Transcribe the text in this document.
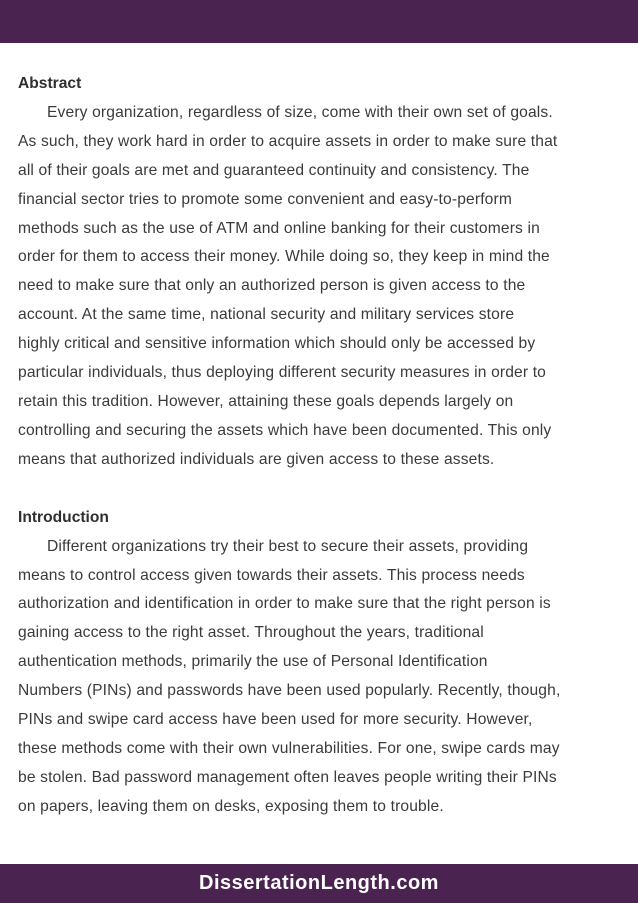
Abstract
Every organization, regardless of size, come with their own set of goals.
As such, they work hard in order to acquire assets in order to make sure that
all of their goals are met and guaranteed continuity and consistency. The
financial sector tries to promote some convenient and easy-to-perform
methods such as the use of ATM and online banking for their customers in
order for them to access their money. While doing so, they keep in mind the
need to make sure that only an authorized person is given access to the
account. At the same time, national security and military services store
highly critical and sensitive information which should only be accessed by
particular individuals, thus deploying different security measures in order to
retain this tradition. However, attaining these goals depends largely on
controlling and securing the assets which have been documented. This only
means that authorized individuals are given access to these assets.
Introduction
Different organizations try their best to secure their assets, providing
means to control access given towards their assets. This process needs
authorization and identification in order to make sure that the right person is
gaining access to the right asset. Throughout the years, traditional
authentication methods, primarily the use of Personal Identification
Numbers (PINs) and passwords have been used popularly. Recently, though,
PINs and swipe card access have been used for more security. However,
these methods come with their own vulnerabilities. For one, swipe cards may
be stolen. Bad password management often leaves people writing their PINs
on papers, leaving them on desks, exposing them to trouble.
DissertationLength.com
